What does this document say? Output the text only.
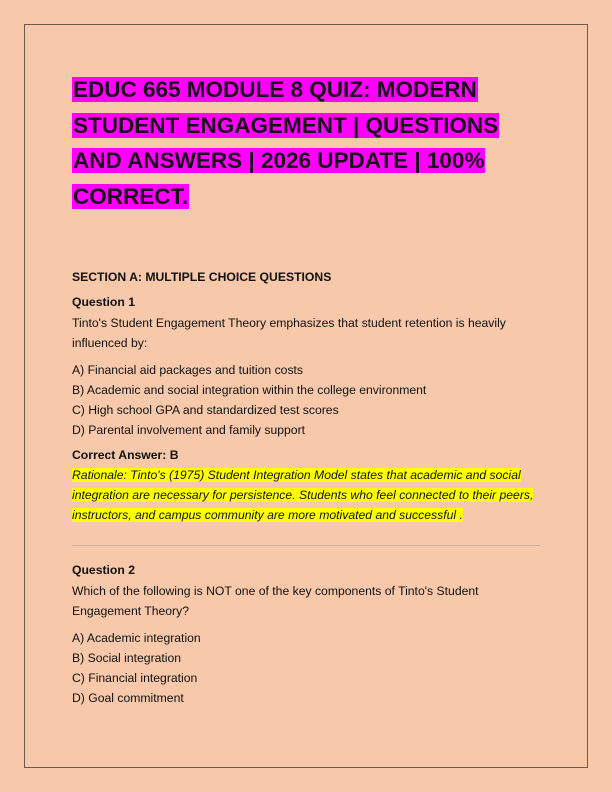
EDUC 665 MODULE 8 QUIZ: MODERN STUDENT ENGAGEMENT | QUESTIONS AND ANSWERS | 2026 UPDATE | 100% CORRECT.

SECTION A: MULTIPLE CHOICE QUESTIONS

Question 1

Tinto's Student Engagement Theory emphasizes that student retention is heavily influenced by:

A) Financial aid packages and tuition costs
B) Academic and social integration within the college environment
C) High school GPA and standardized test scores
D) Parental involvement and family support

Correct Answer: B

Rationale: Tinto's (1975) Student Integration Model states that academic and social integration are necessary for persistence. Students who feel connected to their peers, instructors, and campus community are more motivated and successful .

Question 2

Which of the following is NOT one of the key components of Tinto's Student Engagement Theory?

A) Academic integration
B) Social integration
C) Financial integration
D) Goal commitment
